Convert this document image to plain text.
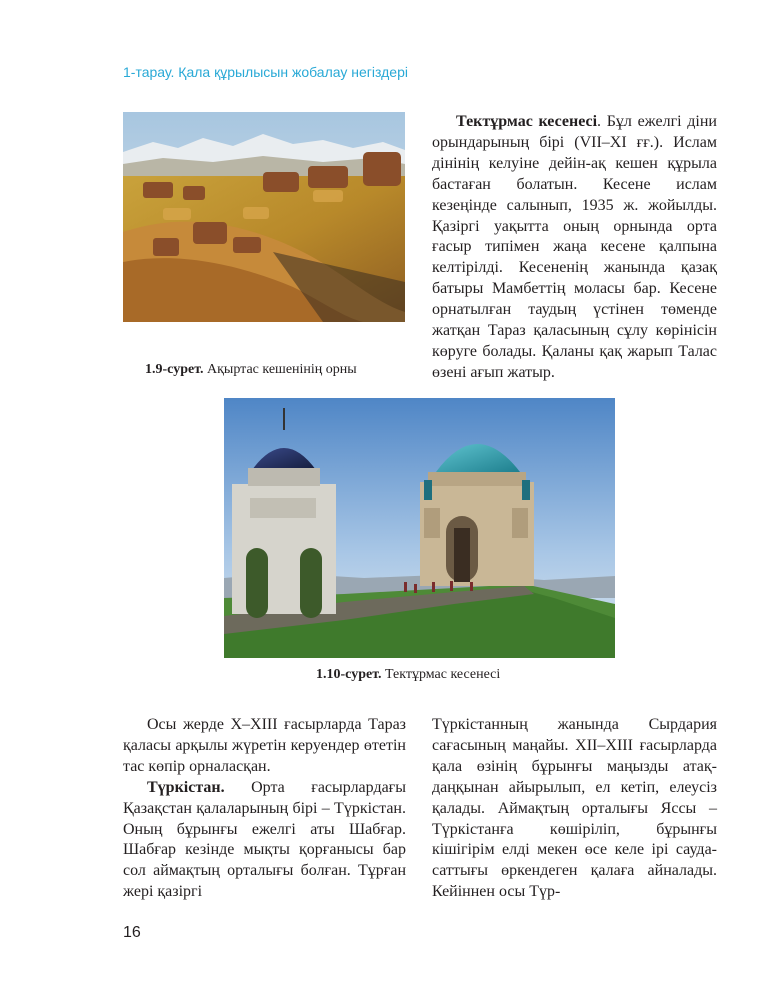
1-тарау. Қала құрылысын жобалау негіздері
1.9-сурет. Ақыртас кешенінің орны

Тектұрмас кесенесі. Бұл ежелгі діни орындарының бірі (VII–XI ғғ.). Ислам дінінің келуіне дейін-ақ кешен құрыла бастаған болатын. Кесене ислам кезеңінде салынып, 1935 ж. жойылды. Қазіргі уақытта оның орнында орта ғасыр типімен жаңа кесене қалпына келтірілді. Кесененің жанында қазақ батыры Мамбеттің моласы бар. Кесене орнатылған таудың үстінен төменде жатқан Тараз қаласының сұлу көрінісін көруге болады. Қаланы қақ жарып Талас өзені ағып жатыр.

1.10-сурет. Тектұрмас кесенесі

Осы жерде X–XIII ғасырларда Тараз қаласы арқылы жүретін керуендер өтетін тас көпір орналасқан.

Түркістан. Орта ғасырлардағы Қазақстан қалаларының бірі – Түркістан. Оның бұрынғы ежелгі аты Шабғар. Шабғар кезінде мықты қорғанысы бар сол аймақтың орталығы болған. Тұрған жері қазіргі

Түркістанның жанында Сырдария сағасының маңайы. XII–XIII ғасырларда қала өзінің бұрынғы маңызды атақ-даңқынан айырылып, ел кетіп, елеусіз қалады. Аймақтың орталығы Яссы – Түркістанға көшіріліп, бұрынғы кішігірім елді мекен өсе келе ірі сауда-саттығы өркендеген қалаға айналады. Кейіннен осы Түр-

16
